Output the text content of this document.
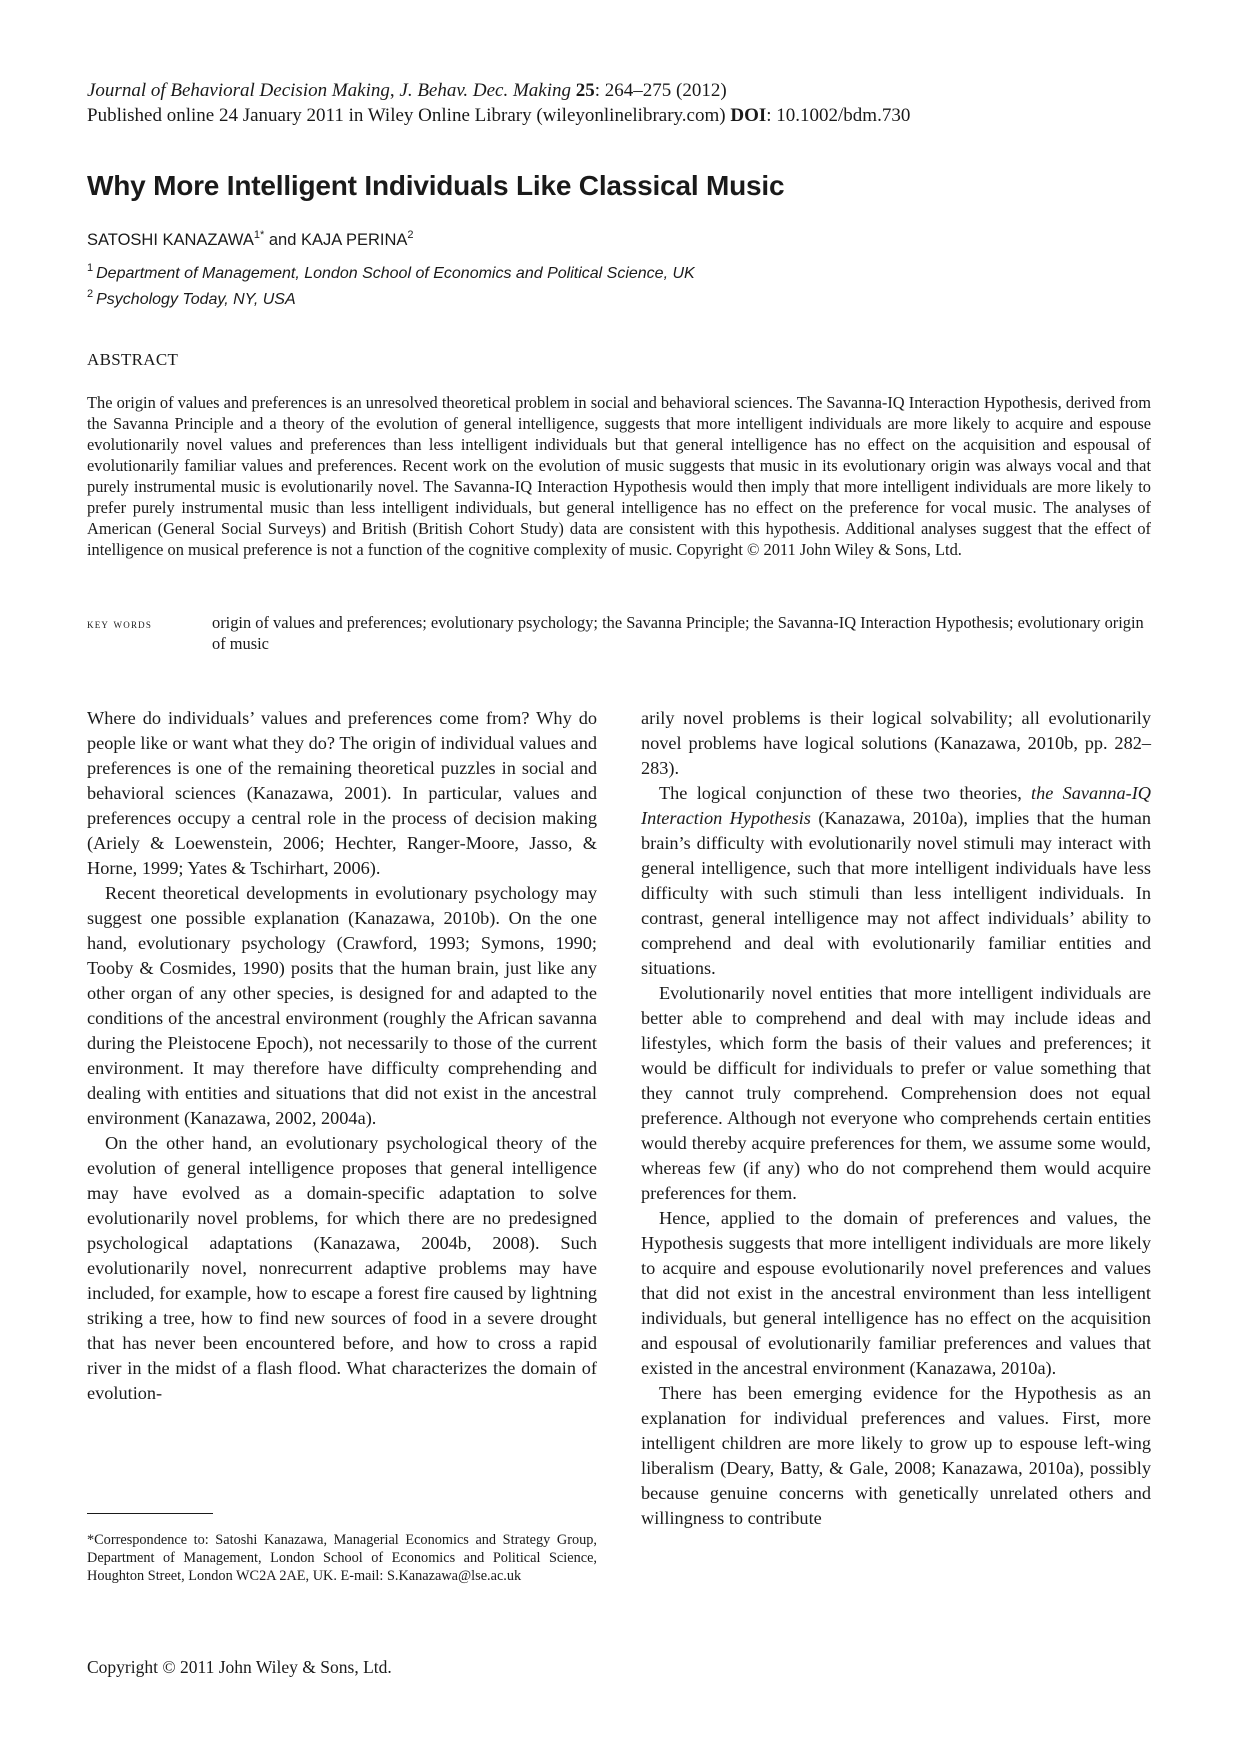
Journal of Behavioral Decision Making, J. Behav. Dec. Making 25: 264–275 (2012)
Published online 24 January 2011 in Wiley Online Library (wileyonlinelibrary.com) DOI: 10.1002/bdm.730
Why More Intelligent Individuals Like Classical Music
SATOSHI $KANAZAWA^{1*}$ and KAJA PERINA$^2$
$^1$ Department of Management, London School of Economics and Political Science, UK
$^2$ Psychology Today, NY, USA
ABSTRACT
The origin of values and preferences is an unresolved theoretical problem in social and behavioral sciences. The Savanna‐IQ Interaction Hypothesis, derived from the Savanna Principle and a theory of the evolution of general intelligence, suggests that more intelligent individuals are more likely to acquire and espouse evolutionarily novel values and preferences than less intelligent individuals but that general intelligence has no effect on the acquisition and espousal of evolutionarily familiar values and preferences. Recent work on the evolution of music suggests that music in its evolutionary origin was always vocal and that purely instrumental music is evolutionarily novel. The Savanna‐IQ Interaction Hypothesis would then imply that more intelligent individuals are more likely to prefer purely instrumental music than less intelligent individuals, but general intelligence has no effect on the preference for vocal music. The analyses of American (General Social Surveys) and British (British Cohort Study) data are consistent with this hypothesis. Additional analyses suggest that the effect of intelligence on musical preference is not a function of the cognitive complexity of music. Copyright © 2011 John Wiley & Sons, Ltd.
key words	origin of values and preferences; evolutionary psychology; the Savanna Principle; the Savanna‐IQ Interaction Hypothesis; evolutionary origin of music

Where do individuals’ values and preferences come from? Why do people like or want what they do? The origin of individual values and preferences is one of the remaining theoretical puzzles in social and behavioral sciences (Kanazawa, 2001). In particular, values and preferences occupy a central role in the process of decision making (Ariely & Loewenstein, 2006; Hechter, Ranger‐Moore, Jasso, & Horne, 1999; Yates & Tschirhart, 2006).

Recent theoretical developments in evolutionary psychology may suggest one possible explanation (Kanazawa, 2010b). On the one hand, evolutionary psychology (Crawford, 1993; Symons, 1990; Tooby & Cosmides, 1990) posits that the human brain, just like any other organ of any other species, is designed for and adapted to the conditions of the ancestral environment (roughly the African savanna during the Pleistocene Epoch), not necessarily to those of the current environment. It may therefore have difficulty comprehending and dealing with entities and situations that did not exist in the ancestral environment (Kanazawa, 2002, 2004a).

On the other hand, an evolutionary psychological theory of the evolution of general intelligence proposes that general intelligence may have evolved as a domain‐specific adaptation to solve evolutionarily novel problems, for which there are no predesigned psychological adaptations (Kanazawa, 2004b, 2008). Such evolutionarily novel, nonrecurrent adaptive problems may have included, for example, how to escape a forest fire caused by lightning striking a tree, how to find new sources of food in a severe drought that has never been encountered before, and how to cross a rapid river in the midst of a flash flood. What characterizes the domain of evolution-

arily novel problems is their logical solvability; all evolutionarily novel problems have logical solutions (Kanazawa, 2010b, pp. 282–283).

The logical conjunction of these two theories, the Savanna‐IQ Interaction Hypothesis (Kanazawa, 2010a), implies that the human brain’s difficulty with evolutionarily novel stimuli may interact with general intelligence, such that more intelligent individuals have less difficulty with such stimuli than less intelligent individuals. In contrast, general intelligence may not affect individuals’ ability to comprehend and deal with evolutionarily familiar entities and situations.

Evolutionarily novel entities that more intelligent individuals are better able to comprehend and deal with may include ideas and lifestyles, which form the basis of their values and preferences; it would be difficult for individuals to prefer or value something that they cannot truly comprehend. Comprehension does not equal preference. Although not everyone who comprehends certain entities would thereby acquire preferences for them, we assume some would, whereas few (if any) who do not comprehend them would acquire preferences for them.

Hence, applied to the domain of preferences and values, the Hypothesis suggests that more intelligent individuals are more likely to acquire and espouse evolutionarily novel preferences and values that did not exist in the ancestral environment than less intelligent individuals, but general intelligence has no effect on the acquisition and espousal of evolutionarily familiar preferences and values that existed in the ancestral environment (Kanazawa, 2010a).

There has been emerging evidence for the Hypothesis as an explanation for individual preferences and values. First, more intelligent children are more likely to grow up to espouse left‐wing liberalism (Deary, Batty, & Gale, 2008; Kanazawa, 2010a), possibly because genuine concerns with genetically unrelated others and willingness to contribute

*Correspondence to: Satoshi Kanazawa, Managerial Economics and Strategy Group, Department of Management, London School of Economics and Political Science, Houghton Street, London WC2A 2AE, UK. E‐mail: S.Kanazawa@lse.ac.uk
Copyright © 2011 John Wiley & Sons, Ltd.
